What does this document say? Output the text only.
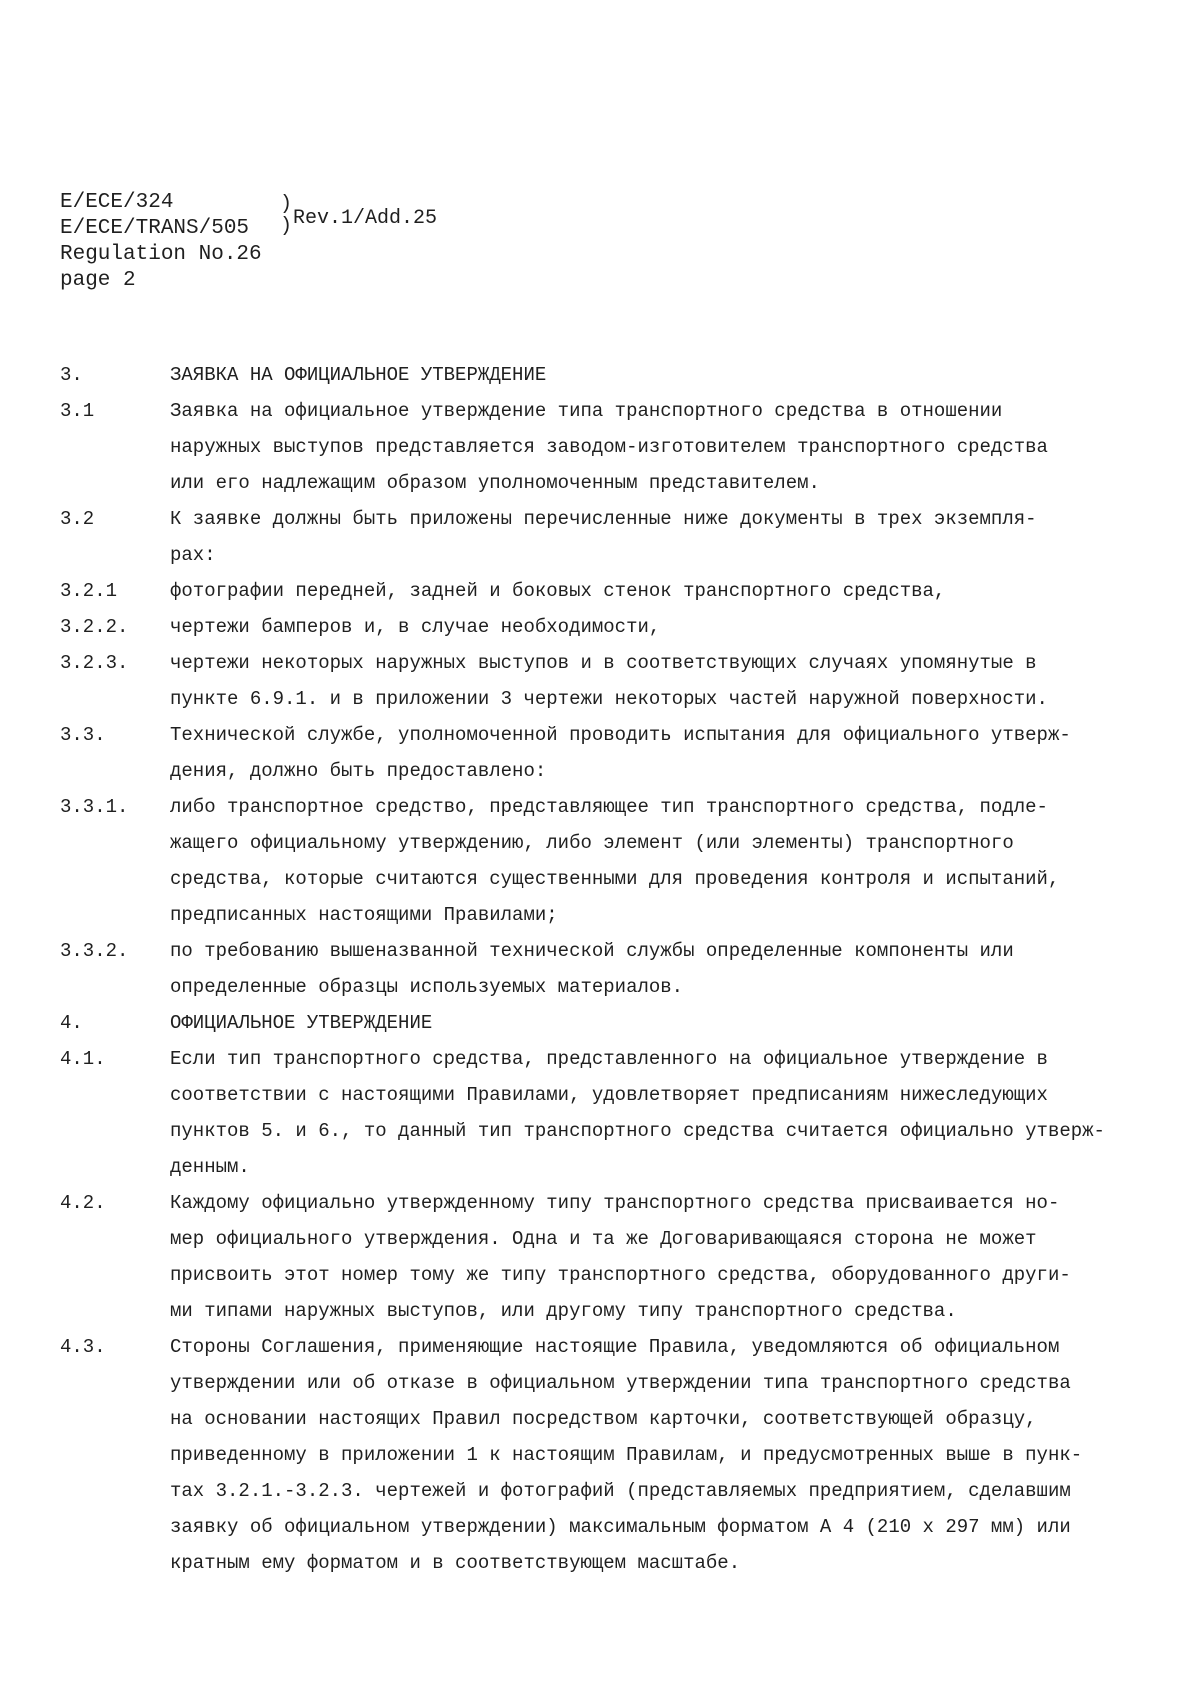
E/ECE/324
E/ECE/TRANS/505
Regulation No.26
page 2
)
) Rev.1/Add.25
3.	ЗАЯВКА НА ОФИЦИАЛЬНОЕ УТВЕРЖДЕНИЕ
3.1	Заявка на официальное утверждение типа транспортного средства в отношении
наружных выступов представляется заводом-изготовителем транспортного средства
или его надлежащим образом уполномоченным представителем.
3.2	К заявке должны быть приложены перечисленные ниже документы в трех экземпля-
рах:
3.2.1	фотографии передней, задней и боковых стенок транспортного средства,
3.2.2.	чертежи бамперов и, в случае необходимости,
3.2.3.	чертежи некоторых наружных выступов и в соответствующих случаях упомянутые в
пункте 6.9.1. и в приложении 3 чертежи некоторых частей наружной поверхности.
3.3.	Технической службе, уполномоченной проводить испытания для официального утверж-
дения, должно быть предоставлено:
3.3.1.	либо транспортное средство, представляющее тип транспортного средства, подле-
жащего официальному утверждению, либо элемент (или элементы) транспортного
средства, которые считаются существенными для проведения контроля и испытаний,
предписанных настоящими Правилами;
3.3.2.	по требованию вышеназванной технической службы определенные компоненты или
определенные образцы используемых материалов.
4.	ОФИЦИАЛЬНОЕ УТВЕРЖДЕНИЕ
4.1.	Если тип транспортного средства, представленного на официальное утверждение в
соответствии с настоящими Правилами, удовлетворяет предписаниям нижеследующих
пунктов 5. и 6., то данный тип транспортного средства считается официально утверж-
денным.
4.2.	Каждому официально утвержденному типу транспортного средства присваивается но-
мер официального утверждения. Одна и та же Договаривающаяся сторона не может
присвоить этот номер тому же типу транспортного средства, оборудованного други-
ми типами наружных выступов, или другому типу транспортного средства.
4.3.	Стороны Соглашения, применяющие настоящие Правила, уведомляются об официальном
утверждении или об отказе в официальном утверждении типа транспортного средства
на основании настоящих Правил посредством карточки, соответствующей образцу,
приведенному в приложении 1 к настоящим Правилам, и предусмотренных выше в пунк-
тах 3.2.1.-3.2.3. чертежей и фотографий (представляемых предприятием, сделавшим
заявку об официальном утверждении) максимальным форматом А 4 (210 х 297 мм) или
кратным ему форматом и в соответствующем масштабе.
